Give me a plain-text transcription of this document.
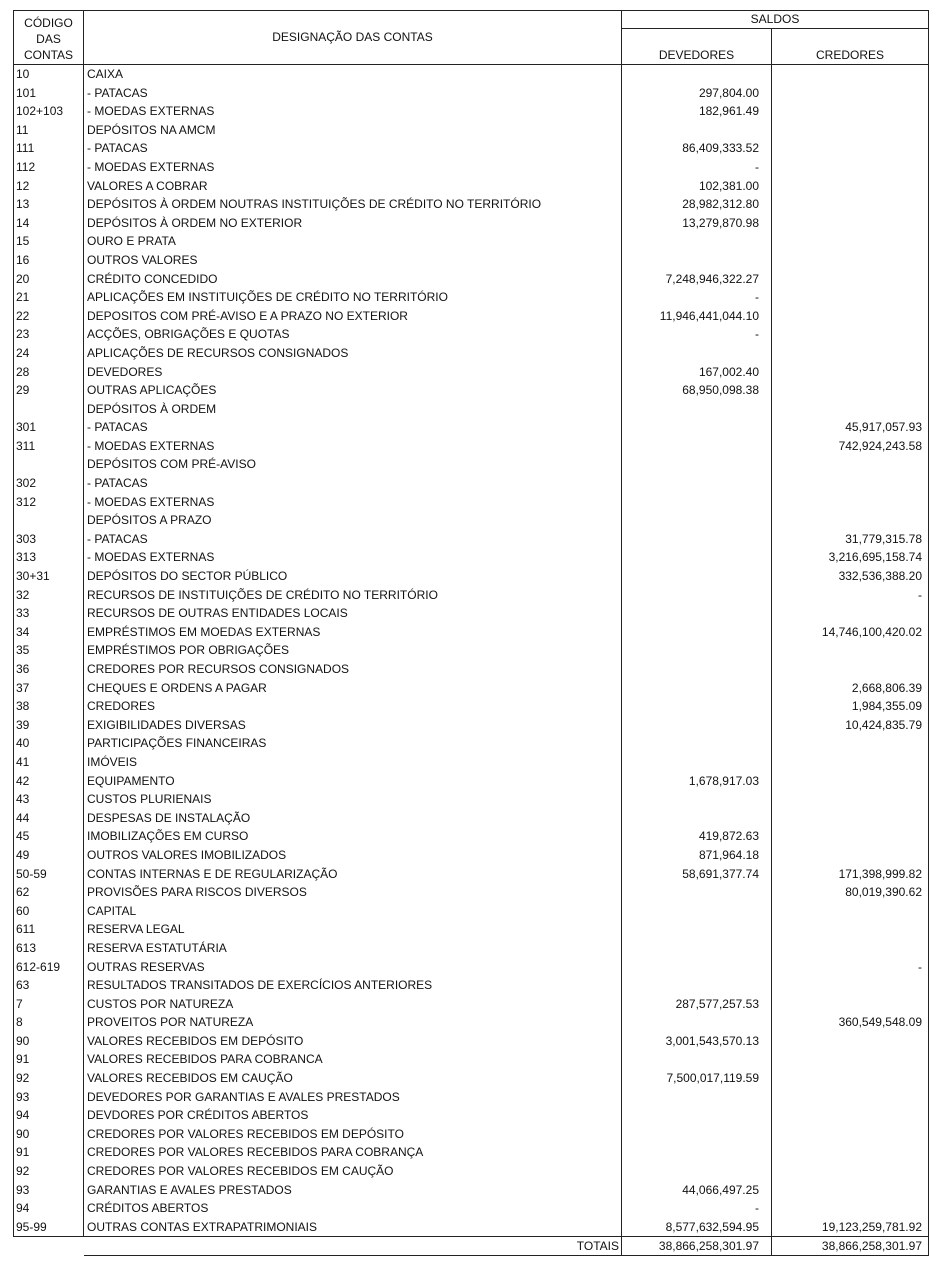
CÓDIGO
DAS
CONTAS	DESIGNAÇÃO DAS CONTAS	SALDOS	
		DEVEDORES	CREDORES
10	CAIXA		
101	- PATACAS	297,804.00	
102+103	- MOEDAS EXTERNAS	182,961.49	
11	DEPÓSITOS NA AMCM		
111	- PATACAS	86,409,333.52	
112	- MOEDAS EXTERNAS	-	
12	VALORES A COBRAR	102,381.00	
13	DEPÓSITOS À ORDEM NOUTRAS INSTITUIÇÕES DE CRÉDITO NO TERRITÓRIO	28,982,312.80	
14	DEPÓSITOS À ORDEM NO EXTERIOR	13,279,870.98	
15	OURO E PRATA		
16	OUTROS VALORES		
20	CRÉDITO CONCEDIDO	7,248,946,322.27	
21	APLICAÇÕES EM INSTITUIÇÕES DE CRÉDITO NO TERRITÓRIO	-	
22	DEPOSITOS COM PRÉ-AVISO E A PRAZO NO EXTERIOR	11,946,441,044.10	
23	ACÇÕES, OBRIGAÇÕES E QUOTAS	-	
24	APLICAÇÕES DE RECURSOS CONSIGNADOS		
28	DEVEDORES	167,002.40	
29	OUTRAS APLICAÇÕES	68,950,098.38	
	DEPÓSITOS À ORDEM		
301	- PATACAS		45,917,057.93
311	- MOEDAS EXTERNAS		742,924,243.58
	DEPÓSITOS COM PRÉ-AVISO		
302	- PATACAS		
312	- MOEDAS EXTERNAS		
	DEPÓSITOS A PRAZO		
303	- PATACAS		31,779,315.78
313	- MOEDAS EXTERNAS		3,216,695,158.74
30+31	DEPÓSITOS DO SECTOR PÚBLICO		332,536,388.20
32	RECURSOS DE INSTITUIÇÕES DE CRÉDITO NO TERRITÓRIO		-
33	RECURSOS DE OUTRAS ENTIDADES LOCAIS		
34	EMPRÉSTIMOS EM MOEDAS EXTERNAS		14,746,100,420.02
35	EMPRÉSTIMOS POR OBRIGAÇÕES		
36	CREDORES POR RECURSOS CONSIGNADOS		
37	CHEQUES E ORDENS A PAGAR		2,668,806.39
38	CREDORES		1,984,355.09
39	EXIGIBILIDADES DIVERSAS		10,424,835.79
40	PARTICIPAÇÕES FINANCEIRAS		
41	IMÓVEIS		
42	EQUIPAMENTO	1,678,917.03	
43	CUSTOS PLURIENAIS		
44	DESPESAS DE INSTALAÇÃO		
45	IMOBILIZAÇÕES EM CURSO	419,872.63	
49	OUTROS VALORES IMOBILIZADOS	871,964.18	
50-59	CONTAS INTERNAS E DE REGULARIZAÇÃO	58,691,377.74	171,398,999.82
62	PROVISÕES PARA RISCOS DIVERSOS		80,019,390.62
60	CAPITAL		
611	RESERVA LEGAL		
613	RESERVA ESTATUTÁRIA		
612-619	OUTRAS RESERVAS		-
63	RESULTADOS TRANSITADOS DE EXERCÍCIOS ANTERIORES		
7	CUSTOS POR NATUREZA	287,577,257.53	
8	PROVEITOS POR NATUREZA		360,549,548.09
90	VALORES RECEBIDOS EM DEPÓSITO	3,001,543,570.13	
91	VALORES RECEBIDOS PARA COBRANCA		
92	VALORES RECEBIDOS EM CAUÇÃO	7,500,017,119.59	
93	DEVEDORES POR GARANTIAS E AVALES PRESTADOS		
94	DEVDORES POR CRÉDITOS ABERTOS		
90	CREDORES POR VALORES RECEBIDOS EM DEPÓSITO		
91	CREDORES POR VALORES RECEBIDOS PARA COBRANÇA		
92	CREDORES POR VALORES RECEBIDOS EM CAUÇÃO		
93	GARANTIAS E AVALES PRESTADOS	44,066,497.25	
94	CRÉDITOS ABERTOS	-	
95-99	OUTRAS CONTAS EXTRAPATRIMONIAIS	8,577,632,594.95	19,123,259,781.92
	TOTAIS	38,866,258,301.97	38,866,258,301.97
